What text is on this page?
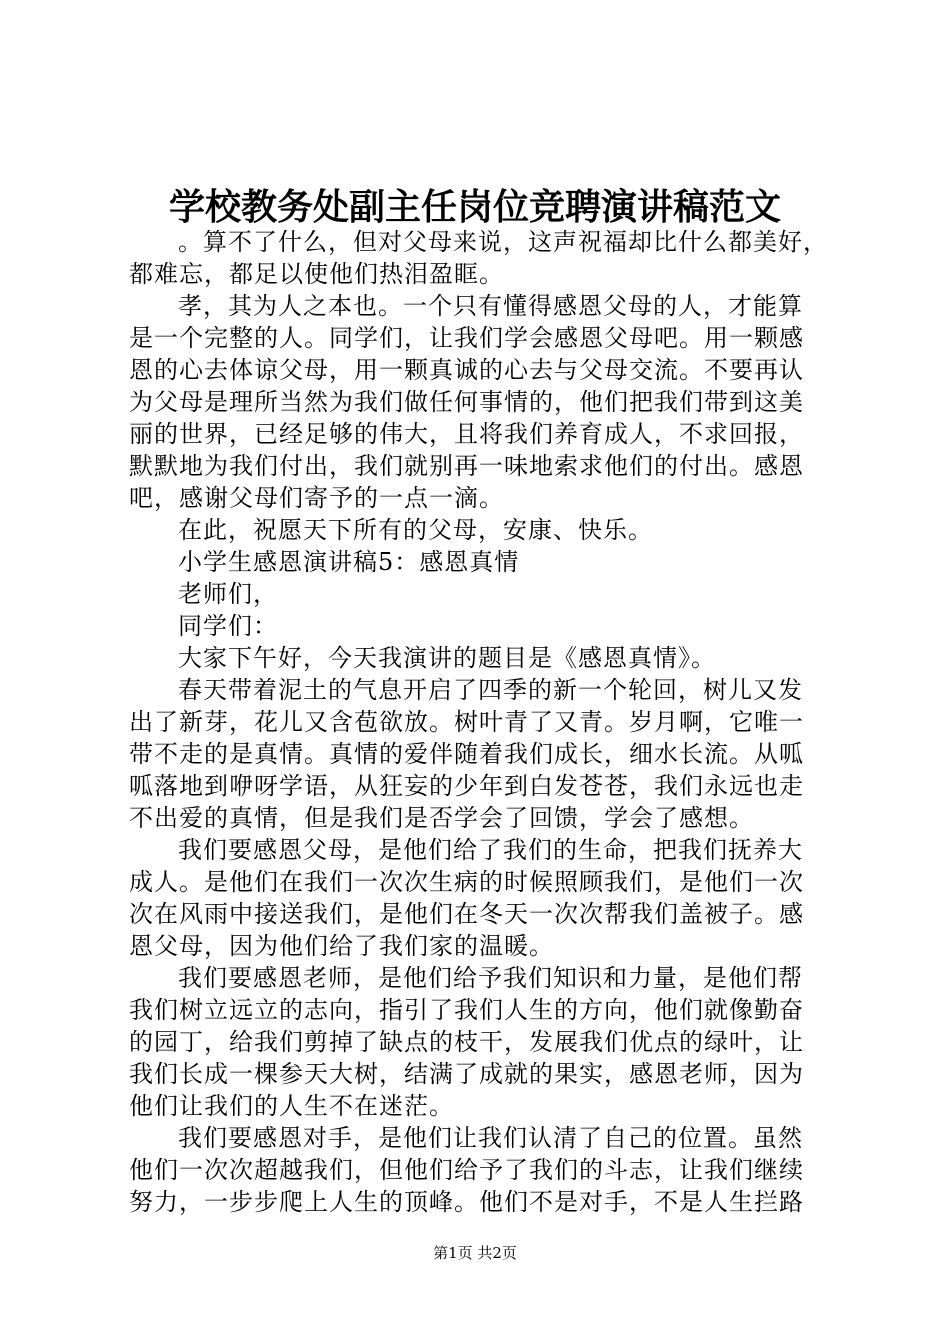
学校教务处副主任岗位竞聘演讲稿范文

。算不了什么，但对父母来说，这声祝福却比什么都美好，

都难忘，都足以使他们热泪盈眶。

孝，其为人之本也。一个只有懂得感恩父母的人，才能算

是一个完整的人。同学们，让我们学会感恩父母吧。用一颗感

恩的心去体谅父母，用一颗真诚的心去与父母交流。不要再认

为父母是理所当然为我们做任何事情的，他们把我们带到这美

丽的世界，已经足够的伟大，且将我们养育成人，不求回报，

默默地为我们付出，我们就别再一味地索求他们的付出。感恩

吧，感谢父母们寄予的一点一滴。

在此，祝愿天下所有的父母，安康、快乐。

小学生感恩演讲稿5：感恩真情

老师们，

同学们：

大家下午好，今天我演讲的题目是《感恩真情》。

春天带着泥土的气息开启了四季的新一个轮回，树儿又发

出了新芽，花儿又含苞欲放。树叶青了又青。岁月啊，它唯一

带不走的是真情。真情的爱伴随着我们成长，细水长流。从呱

呱落地到咿呀学语，从狂妄的少年到白发苍苍，我们永远也走

不出爱的真情，但是我们是否学会了回馈，学会了感想。

我们要感恩父母，是他们给了我们的生命，把我们抚养大

成人。是他们在我们一次次生病的时候照顾我们，是他们一次

次在风雨中接送我们，是他们在冬天一次次帮我们盖被子。感

恩父母，因为他们给了我们家的温暖。

我们要感恩老师，是他们给予我们知识和力量，是他们帮

我们树立远立的志向，指引了我们人生的方向，他们就像勤奋

的园丁，给我们剪掉了缺点的枝干，发展我们优点的绿叶，让

我们长成一棵参天大树，结满了成就的果实，感恩老师，因为

他们让我们的人生不在迷茫。

我们要感恩对手，是他们让我们认清了自己的位置。虽然

他们一次次超越我们，但他们给予了我们的斗志，让我们继续

努力，一步步爬上人生的顶峰。他们不是对手，不是人生拦路

第1页 共2页
